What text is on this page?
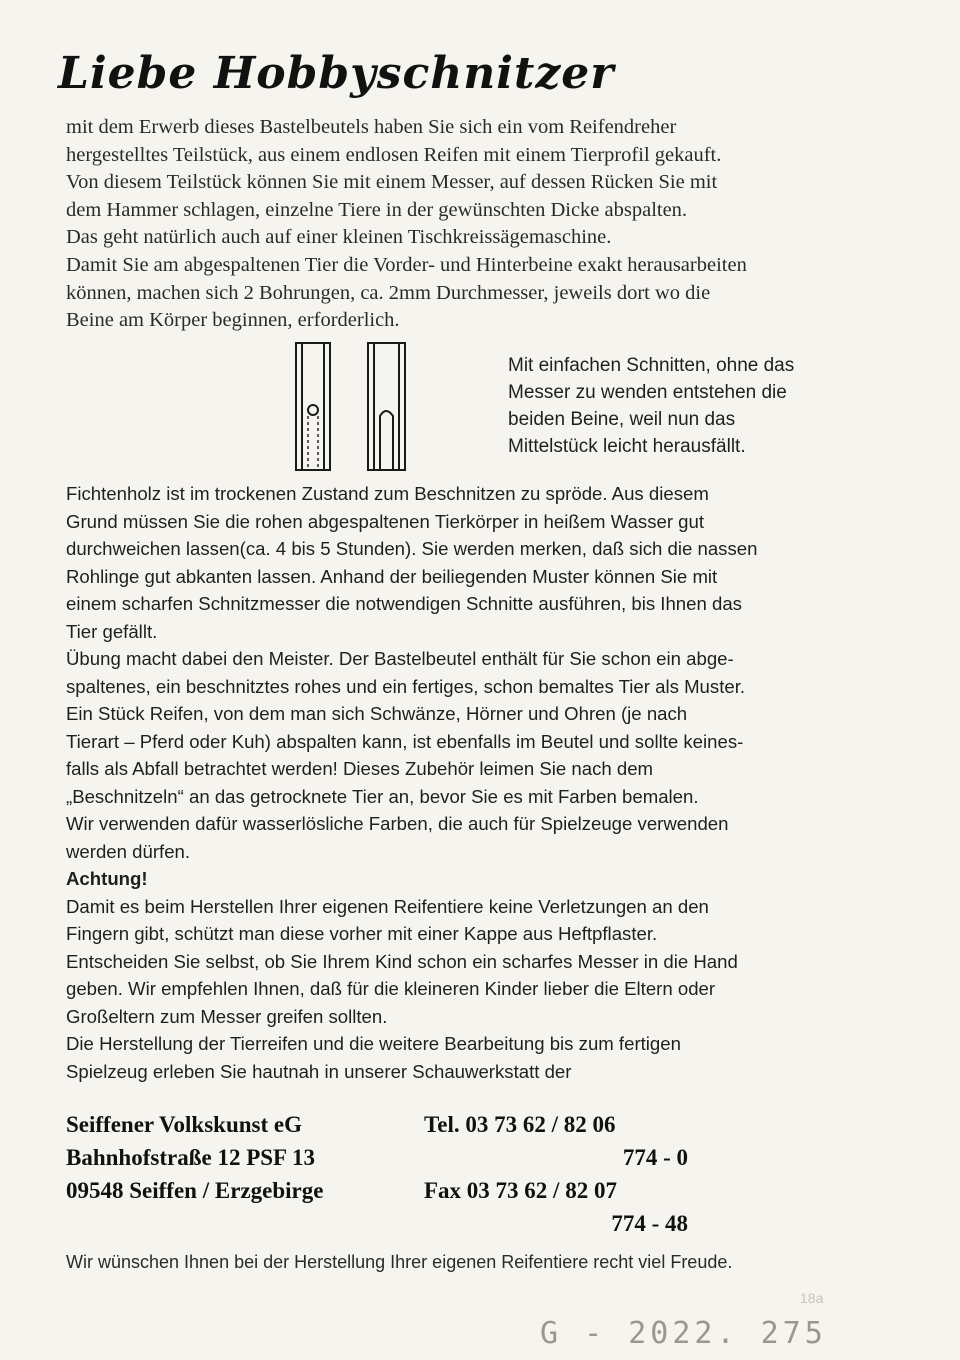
Liebe Hobbyschnitzer

mit dem Erwerb dieses Bastelbeutels haben Sie sich ein vom Reifendreher

hergestelltes Teilstück, aus einem endlosen Reifen mit einem Tierprofil gekauft.

Von diesem Teilstück können Sie mit einem Messer, auf dessen Rücken Sie mit

dem Hammer schlagen, einzelne Tiere in der gewünschten Dicke abspalten.

Das geht natürlich auch auf einer kleinen Tischkreissägemaschine.

Damit Sie am abgespaltenen Tier die Vorder- und Hinterbeine exakt herausarbeiten

können, machen sich 2 Bohrungen, ca. 2mm Durchmesser, jeweils dort wo die

Beine am Körper beginnen, erforderlich.

Mit einfachen Schnitten, ohne das
Messer zu wenden entstehen die
beiden Beine, weil nun das
Mittelstück leicht herausfällt.

Fichtenholz ist im trockenen Zustand zum Beschnitzen zu spröde. Aus diesem

Grund müssen Sie die rohen abgespaltenen Tierkörper in heißem Wasser gut

durchweichen lassen(ca. 4 bis 5 Stunden). Sie werden merken, daß sich die nassen

Rohlinge gut abkanten lassen. Anhand der beiliegenden Muster können Sie mit

einem scharfen Schnitzmesser die notwendigen Schnitte ausführen, bis Ihnen das

Tier gefällt.

Übung macht dabei den Meister. Der Bastelbeutel enthält für Sie schon ein abge-

spaltenes, ein beschnitztes rohes und ein fertiges, schon bemaltes Tier als Muster.

Ein Stück Reifen, von dem man sich Schwänze, Hörner und Ohren (je nach

Tierart – Pferd oder Kuh) abspalten kann, ist ebenfalls im Beutel und sollte keines-

falls als Abfall betrachtet werden! Dieses Zubehör leimen Sie nach dem

„Beschnitzeln“ an das getrocknete Tier an, bevor Sie es mit Farben bemalen.

Wir verwenden dafür wasserlösliche Farben, die auch für Spielzeuge verwenden

werden dürfen.

Achtung!

Damit es beim Herstellen Ihrer eigenen Reifentiere keine Verletzungen an den

Fingern gibt, schützt man diese vorher mit einer Kappe aus Heftpflaster.

Entscheiden Sie selbst, ob Sie Ihrem Kind schon ein scharfes Messer in die Hand

geben. Wir empfehlen Ihnen, daß für die kleineren Kinder lieber die Eltern oder

Großeltern zum Messer greifen sollten.

Die Herstellung der Tierreifen und die weitere Bearbeitung bis zum fertigen

Spielzeug erleben Sie hautnah in unserer Schauwerkstatt der

Seiffener Volkskunst eG
Bahnhofstraße 12 PSF 13
09548 Seiffen / Erzgebirge
Tel. 03 73 62 / 82 06
774 - 0
Fax 03 73 62 / 82 07
774 - 48

Wir wünschen Ihnen bei der Herstellung Ihrer eigenen Reifentiere recht viel Freude.

18a
G - 2022. 275
